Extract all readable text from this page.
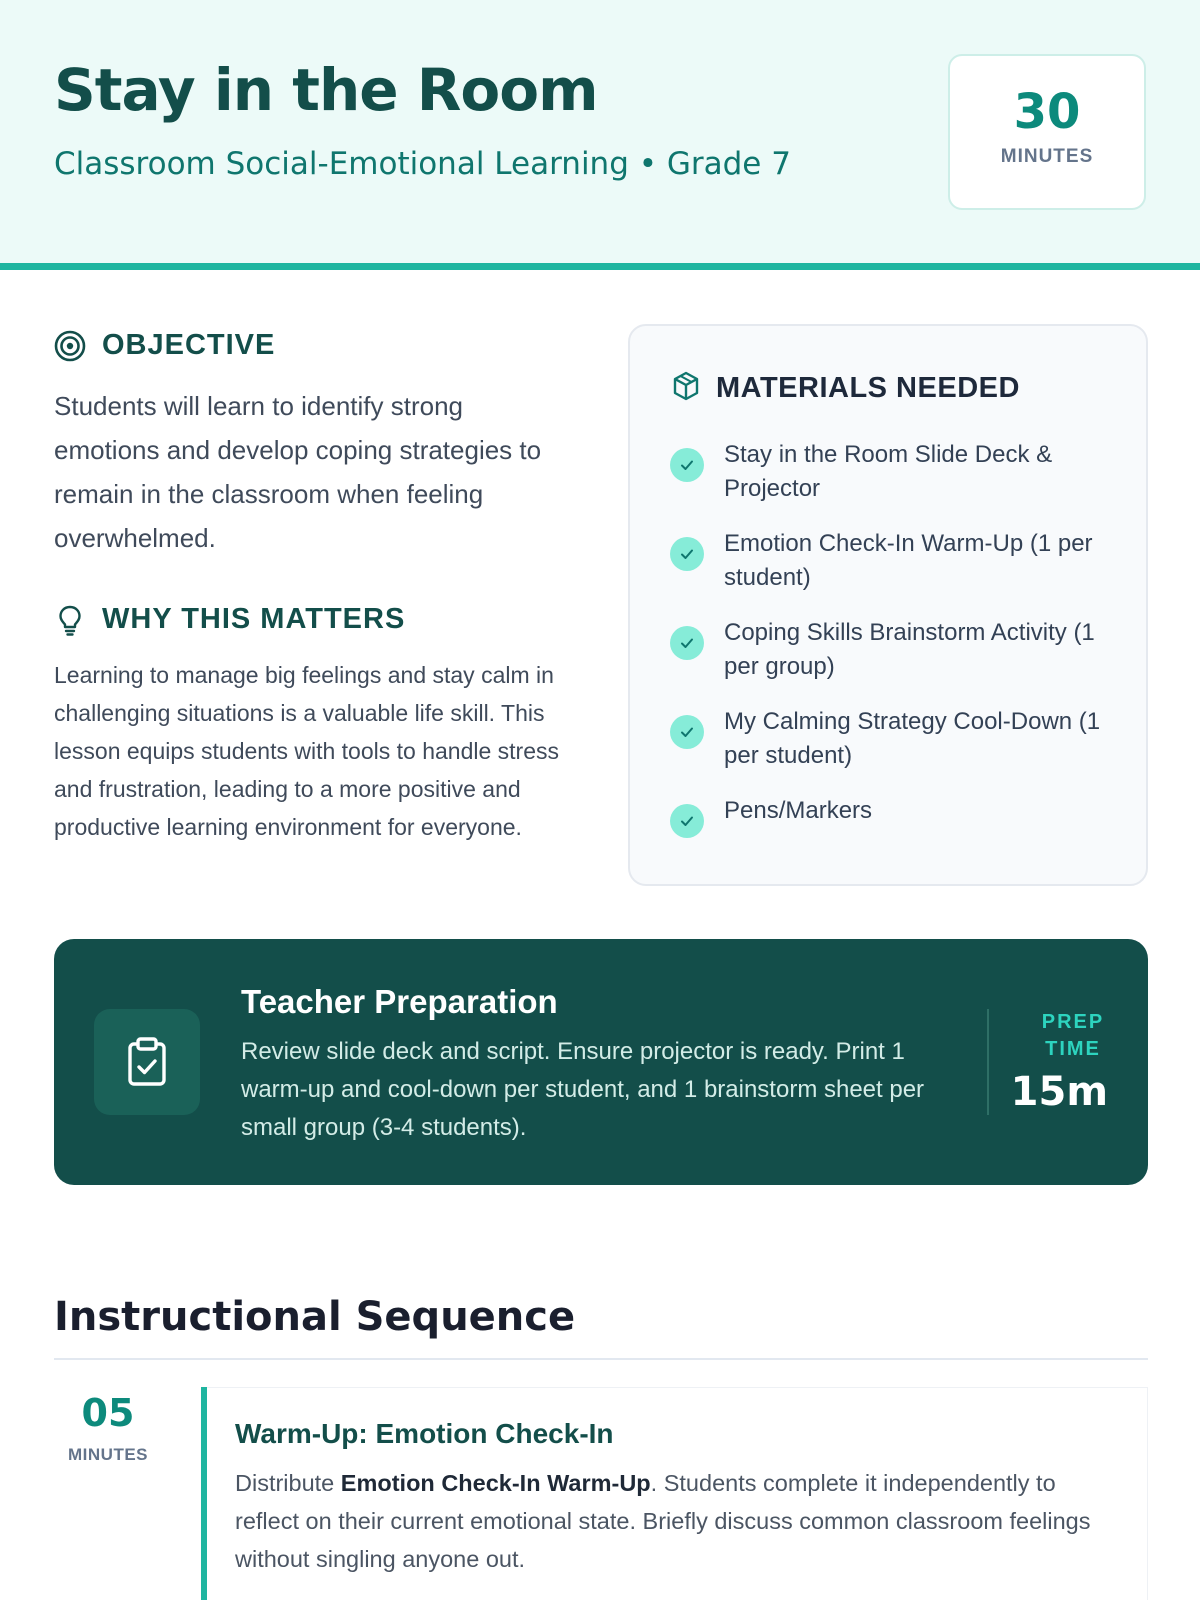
Stay in the Room
Classroom Social-Emotional Learning • Grade 7
30
MINUTES
OBJECTIVE

Students will learn to identify strong emotions and develop coping strategies to remain in the classroom when feeling overwhelmed.

WHY THIS MATTERS

Learning to manage big feelings and stay calm in challenging situations is a valuable life skill. This lesson equips students with tools to handle stress and frustration, leading to a more positive and productive learning environment for everyone.

MATERIALS NEEDED
Stay in the Room Slide Deck & Projector
Emotion Check-In Warm-Up (1 per student)
Coping Skills Brainstorm Activity (1 per group)
My Calming Strategy Cool-Down (1 per student)
Pens/Markers
Teacher Preparation

Review slide deck and script. Ensure projector is ready. Print 1 warm-up and cool-down per student, and 1 brainstorm sheet per small group (3-4 students).

PREP TIME
15m
Instructional Sequence
05
MINUTES
Warm-Up: Emotion Check-In

Distribute Emotion Check-In Warm-Up. Students complete it independently to reflect on their current emotional state. Briefly discuss common classroom feelings without singling anyone out.
